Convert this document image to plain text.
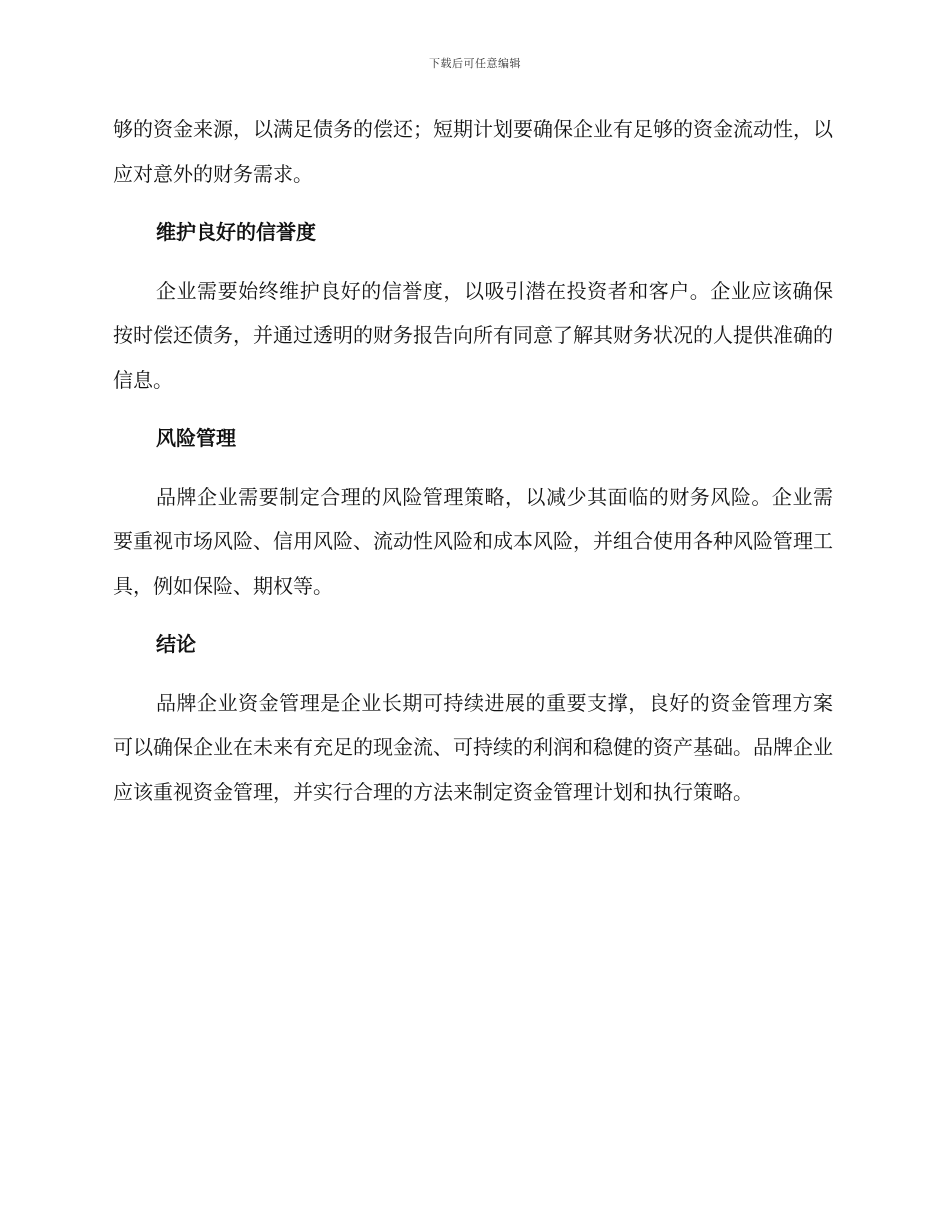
下载后可任意编辑

够的资金来源，以满足债务的偿还；短期计划要确保企业有足够的资金流动性，以应对意外的财务需求。

维护良好的信誉度

企业需要始终维护良好的信誉度，以吸引潜在投资者和客户。企业应该确保按时偿还债务，并通过透明的财务报告向所有同意了解其财务状况的人提供准确的信息。

风险管理

品牌企业需要制定合理的风险管理策略，以减少其面临的财务风险。企业需要重视市场风险、信用风险、流动性风险和成本风险，并组合使用各种风险管理工具，例如保险、期权等。

结论

品牌企业资金管理是企业长期可持续进展的重要支撑，良好的资金管理方案可以确保企业在未来有充足的现金流、可持续的利润和稳健的资产基础。品牌企业应该重视资金管理，并实行合理的方法来制定资金管理计划和执行策略。
